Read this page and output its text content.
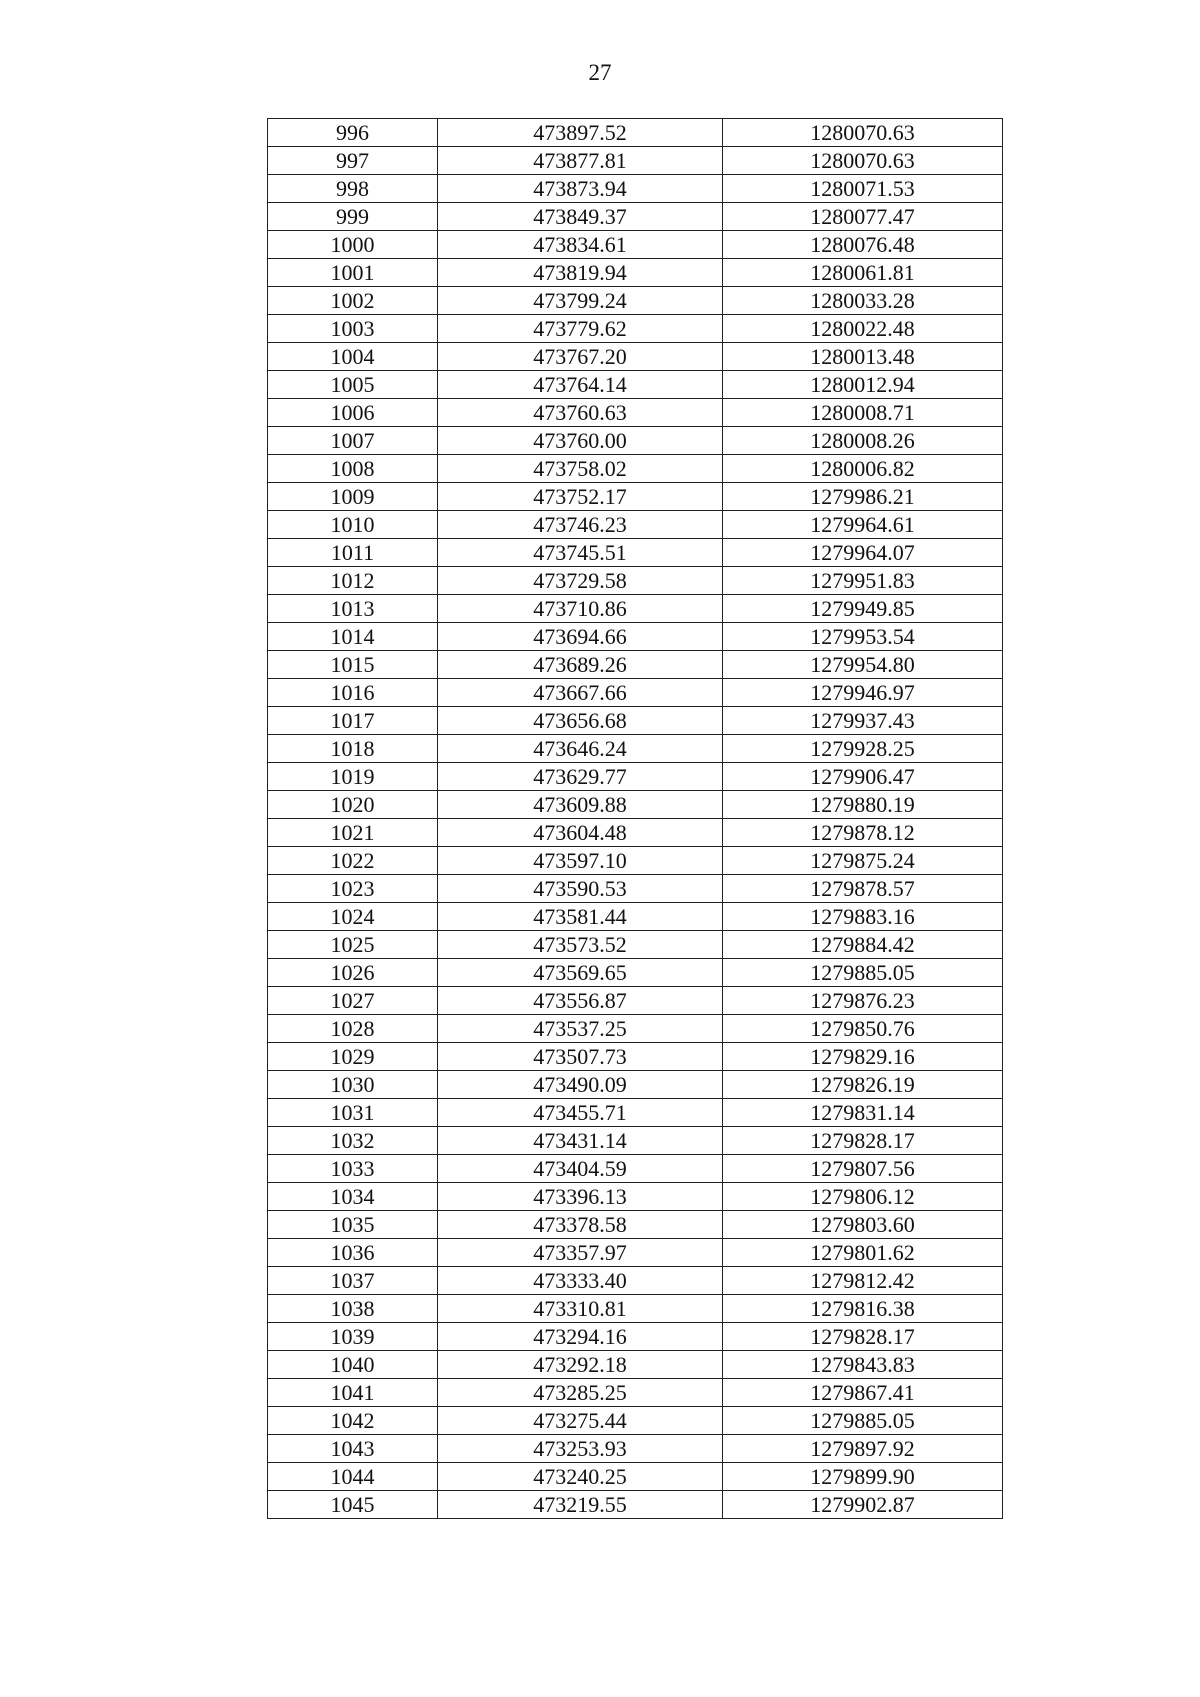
27
996	473897.52	1280070.63
997	473877.81	1280070.63
998	473873.94	1280071.53
999	473849.37	1280077.47
1000	473834.61	1280076.48
1001	473819.94	1280061.81
1002	473799.24	1280033.28
1003	473779.62	1280022.48
1004	473767.20	1280013.48
1005	473764.14	1280012.94
1006	473760.63	1280008.71
1007	473760.00	1280008.26
1008	473758.02	1280006.82
1009	473752.17	1279986.21
1010	473746.23	1279964.61
1011	473745.51	1279964.07
1012	473729.58	1279951.83
1013	473710.86	1279949.85
1014	473694.66	1279953.54
1015	473689.26	1279954.80
1016	473667.66	1279946.97
1017	473656.68	1279937.43
1018	473646.24	1279928.25
1019	473629.77	1279906.47
1020	473609.88	1279880.19
1021	473604.48	1279878.12
1022	473597.10	1279875.24
1023	473590.53	1279878.57
1024	473581.44	1279883.16
1025	473573.52	1279884.42
1026	473569.65	1279885.05
1027	473556.87	1279876.23
1028	473537.25	1279850.76
1029	473507.73	1279829.16
1030	473490.09	1279826.19
1031	473455.71	1279831.14
1032	473431.14	1279828.17
1033	473404.59	1279807.56
1034	473396.13	1279806.12
1035	473378.58	1279803.60
1036	473357.97	1279801.62
1037	473333.40	1279812.42
1038	473310.81	1279816.38
1039	473294.16	1279828.17
1040	473292.18	1279843.83
1041	473285.25	1279867.41
1042	473275.44	1279885.05
1043	473253.93	1279897.92
1044	473240.25	1279899.90
1045	473219.55	1279902.87
